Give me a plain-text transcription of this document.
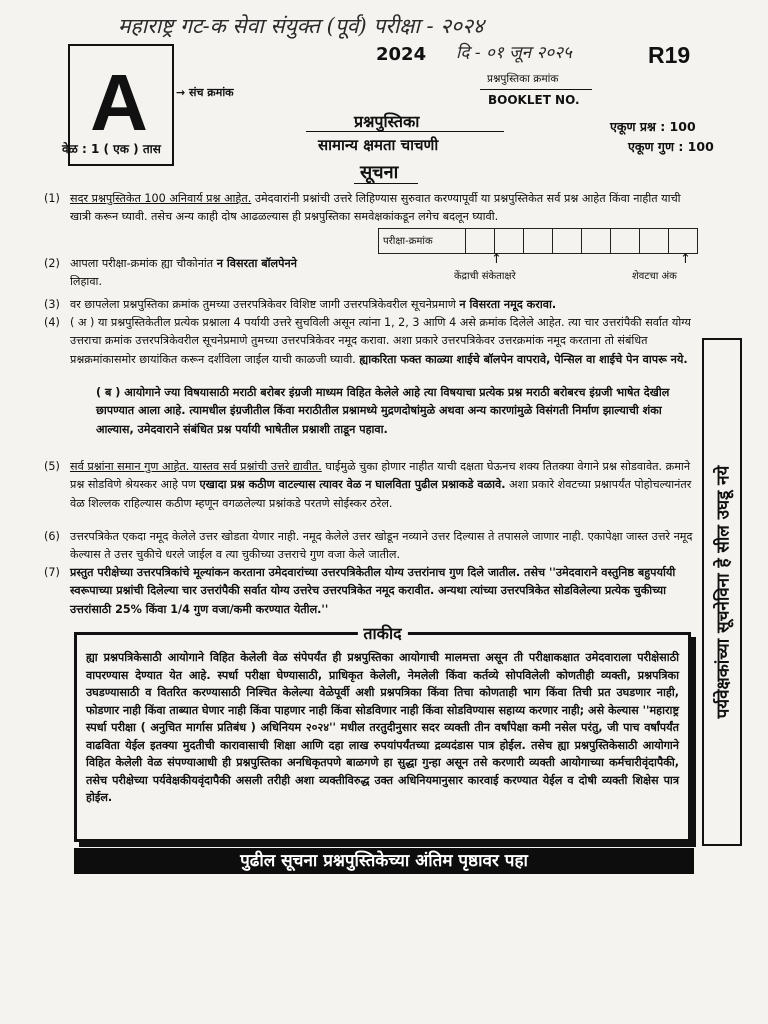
महाराष्ट्र गट-क सेवा संयुक्त (पूर्व) परीक्षा - २०२४
दि - ०१ जून २०२५
2024	R19
A	→ संच क्रमांक
प्रश्नपुस्तिका क्रमांक
BOOKLET NO.
प्रश्नपुस्तिका
सामान्य क्षमता चाचणी
वेळ : 1 ( एक ) तास
एकूण प्रश्न : 100
एकूण गुण : 100
सूचना
(1) सदर प्रश्नपुस्तिकेत 100 अनिवार्य प्रश्न आहेत. उमेदवारांनी प्रश्नांची उत्तरे लिहिण्यास सुरुवात करण्यापूर्वी या प्रश्नपुस्तिकेत सर्व प्रश्न आहेत किंवा नाहीत याची खात्री करून घ्यावी. तसेच अन्य काही दोष आढळल्यास ही प्रश्नपुस्तिका समवेक्षकांकडून लगेच बदलून घ्यावी.

(2) आपला परीक्षा-क्रमांक ह्या चौकोनांत न विसरता बॉलपेनने

लिहावा.

परीक्षा-क्रमांक
↑
केंद्राची संकेताक्षरे
↑
शेवटचा अंक
(3) वर छापलेला प्रश्नपुस्तिका क्रमांक तुमच्या उत्तरपत्रिकेवर विशिष्ट जागी उत्तरपत्रिकेवरील सूचनेप्रमाणे न विसरता नमूद करावा.

(4) ( अ ) या प्रश्नपुस्तिकेतील प्रत्येक प्रश्नाला 4 पर्यायी उत्तरे सुचविली असून त्यांना 1, 2, 3 आणि 4 असे क्रमांक दिलेले आहेत. त्या चार उत्तरांपैकी सर्वात योग्य उत्तराचा क्रमांक उत्तरपत्रिकेवरील सूचनेप्रमाणे तुमच्या उत्तरपत्रिकेवर नमूद करावा. अशा प्रकारे उत्तरपत्रिकेवर उत्तरक्रमांक नमूद करताना तो संबंधित प्रश्नक्रमांकासमोर छायांकित करून दर्शविला जाईल याची काळजी घ्यावी. ह्याकरिता फक्त काळ्या शाईचे बॉलपेन वापरावे, पेन्सिल वा शाईचे पेन वापरू नये.

( ब ) आयोगाने ज्या विषयासाठी मराठी बरोबर इंग्रजी माध्यम विहित केलेले आहे त्या विषयाचा प्रत्येक प्रश्न मराठी बरोबरच इंग्रजी भाषेत देखील छापण्यात आला आहे. त्यामधील इंग्रजीतील किंवा मराठीतील प्रश्नामध्ये मुद्रणदोषांमुळे अथवा अन्य कारणांमुळे विसंगती निर्माण झाल्याची शंका आल्यास, उमेदवाराने संबंधित प्रश्न पर्यायी भाषेतील प्रश्नाशी ताडून पहावा.

(5) सर्व प्रश्नांना समान गुण आहेत. यास्तव सर्व प्रश्नांची उत्तरे द्यावीत. घाईमुळे चुका होणार नाहीत याची दक्षता घेऊनच शक्य तितक्या वेगाने प्रश्न सोडवावेत. क्रमाने प्रश्न सोडविणे श्रेयस्कर आहे पण एखादा प्रश्न कठीण वाटल्यास त्यावर वेळ न घालविता पुढील प्रश्नाकडे वळावे. अशा प्रकारे शेवटच्या प्रश्नापर्यंत पोहोचल्यानंतर वेळ शिल्लक राहिल्यास कठीण म्हणून वगळलेल्या प्रश्नांकडे परतणे सोईस्कर ठरेल.

(6) उत्तरपत्रिकेत एकदा नमूद केलेले उत्तर खोडता येणार नाही. नमूद केलेले उत्तर खोडून नव्याने उत्तर दिल्यास ते तपासले जाणार नाही. एकापेक्षा जास्त उत्तरे नमूद केल्यास ते उत्तर चुकीचे धरले जाईल व त्या चुकीच्या उत्तराचे गुण वजा केले जातील.

(7) प्रस्तुत परीक्षेच्या उत्तरपत्रिकांचे मूल्यांकन करताना उमेदवारांच्या उत्तरपत्रिकेतील योग्य उत्तरांनाच गुण दिले जातील. तसेच ''उमेदवाराने वस्तुनिष्ठ बहुपर्यायी स्वरूपाच्या प्रश्नांची दिलेल्या चार उत्तरांपैकी सर्वात योग्य उत्तरेच उत्तरपत्रिकेत नमूद करावीत. अन्यथा त्यांच्या उत्तरपत्रिकेत सोडविलेल्या प्रत्येक चुकीच्या उत्तरांसाठी 25% किंवा 1/4 गुण वजा/कमी करण्यात येतील.''	पर्यवेक्षकांच्या सूचनेविना हे सील उघडू नये
ताकीद
ह्या प्रश्नपत्रिकेसाठी आयोगाने विहित केलेली वेळ संपेपर्यंत ही प्रश्नपुस्तिका आयोगाची मालमत्ता असून ती परीक्षाकक्षात उमेदवाराला परीक्षेसाठी वापरण्यास देण्यात येत आहे. स्पर्धा परीक्षा घेण्यासाठी, प्राधिकृत केलेली, नेमलेली किंवा कर्तव्ये सोपविलेली कोणतीही व्यक्ती, प्रश्नपत्रिका उघडण्यासाठी व वितरित करण्यासाठी निश्चित केलेल्या वेळेपूर्वी अशी प्रश्नपत्रिका किंवा तिचा कोणताही भाग किंवा तिची प्रत उघडणार नाही, फोडणार नाही किंवा ताब्यात घेणार नाही किंवा पाहणार नाही किंवा सोडविणार नाही किंवा सोडविण्यास सहाय्य करणार नाही; असे केल्यास ''महाराष्ट्र स्पर्धा परीक्षा ( अनुचित मार्गास प्रतिबंध ) अधिनियम २०२४'' मधील तरतुदीनुसार सदर व्यक्ती तीन वर्षांपेक्षा कमी नसेल परंतु, जी पाच वर्षांपर्यंत वाढविता येईल इतक्या मुदतीची कारावासाची शिक्षा आणि दहा लाख रुपयांपर्यंतच्या द्रव्यदंडास पात्र होईल. तसेच ह्या प्रश्नपुस्तिकेसाठी आयोगाने विहित केलेली वेळ संपण्याआधी ही प्रश्नपुस्तिका अनधिकृतपणे बाळगणे हा सुद्धा गुन्हा असून तसे करणारी व्यक्ती आयोगाच्या कर्मचारीवृंदापैकी, तसेच परीक्षेच्या पर्यवेक्षकीयवृंदापैकी असली तरीही अशा व्यक्तीविरुद्ध उक्त अधिनियमानुसार कारवाई करण्यात येईल व दोषी व्यक्ती शिक्षेस पात्र होईल.
पुढील सूचना प्रश्नपुस्तिकेच्या अंतिम पृष्ठावर पहा
